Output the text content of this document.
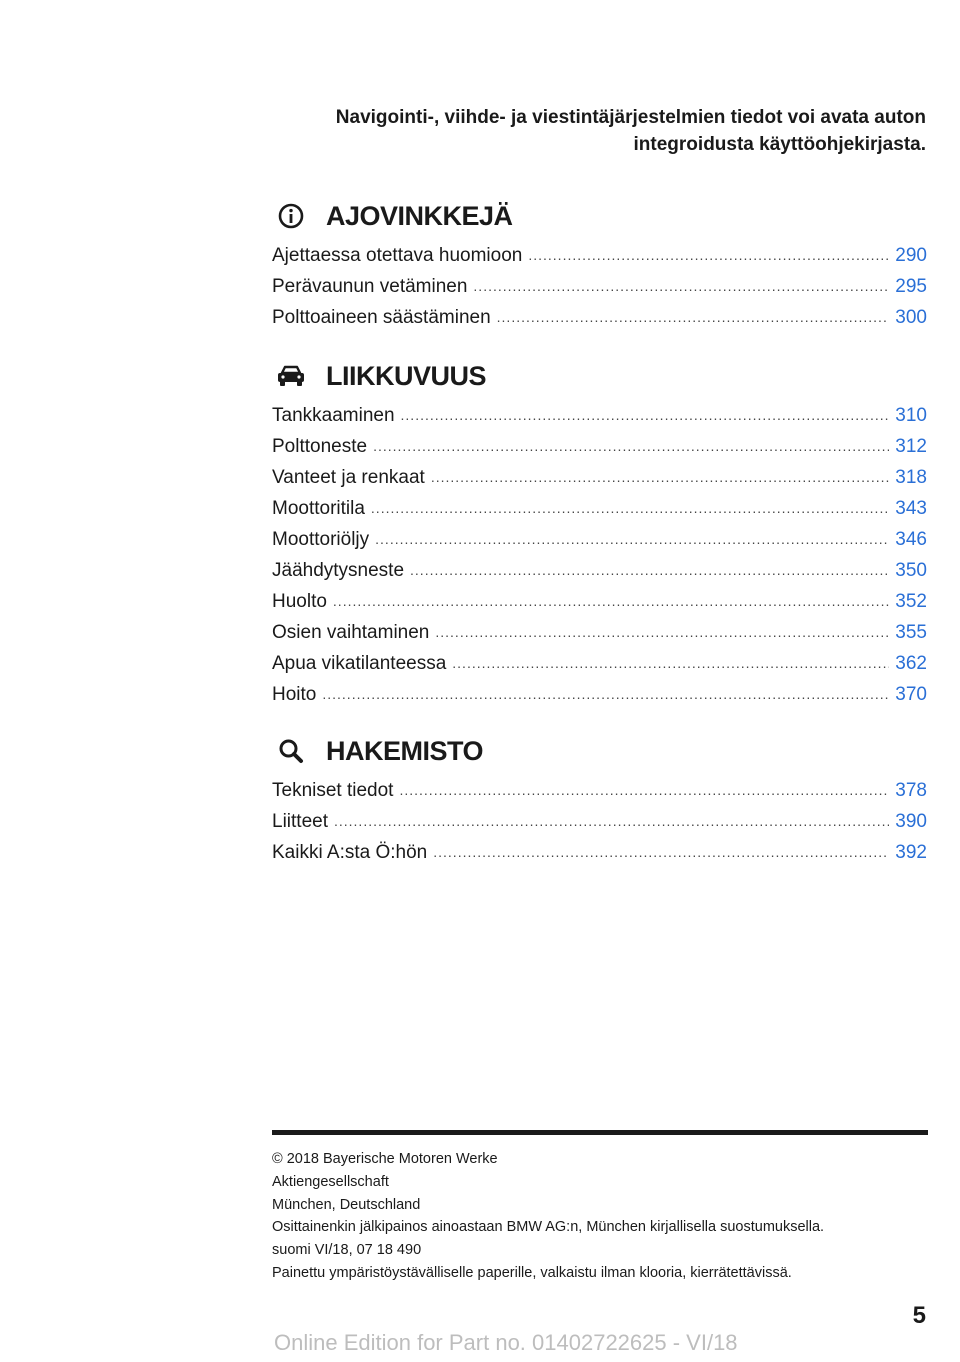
Navigointi-, viihde- ja viestintäjärjestelmien tiedot voi avata auton
integroidusta käyttöohjekirjasta.
AJOVINKKEJÄ
Ajettaessa otettava huomioon .....	290
Perävaunun vetäminen .....	295
Polttoaineen säästäminen .....	300
LIIKKUVUUS
Tankkaaminen .....	310
Polttoneste .....	312
Vanteet ja renkaat .....	318
Moottoritila .....	343
Moottoriöljy .....	346
Jäähdytysneste .....	350
Huolto .....	352
Osien vaihtaminen .....	355
Apua vikatilanteessa .....	362
Hoito .....	370
HAKEMISTO
Tekniset tiedot .....	378
Liitteet .....	390
Kaikki A:sta Ö:hön .....	392
© 2018 Bayerische Motoren Werke
Aktiengesellschaft
München, Deutschland
Osittainenkin jälkipainos ainoastaan BMW AG:n, München kirjallisella suostumuksella.
suomi VI/18, 07 18 490
Painettu ympäristöystävälliselle paperille, valkaistu ilman klooria, kierrätettävissä.
5
Online Edition for Part no. 01402722625 - VI/18
